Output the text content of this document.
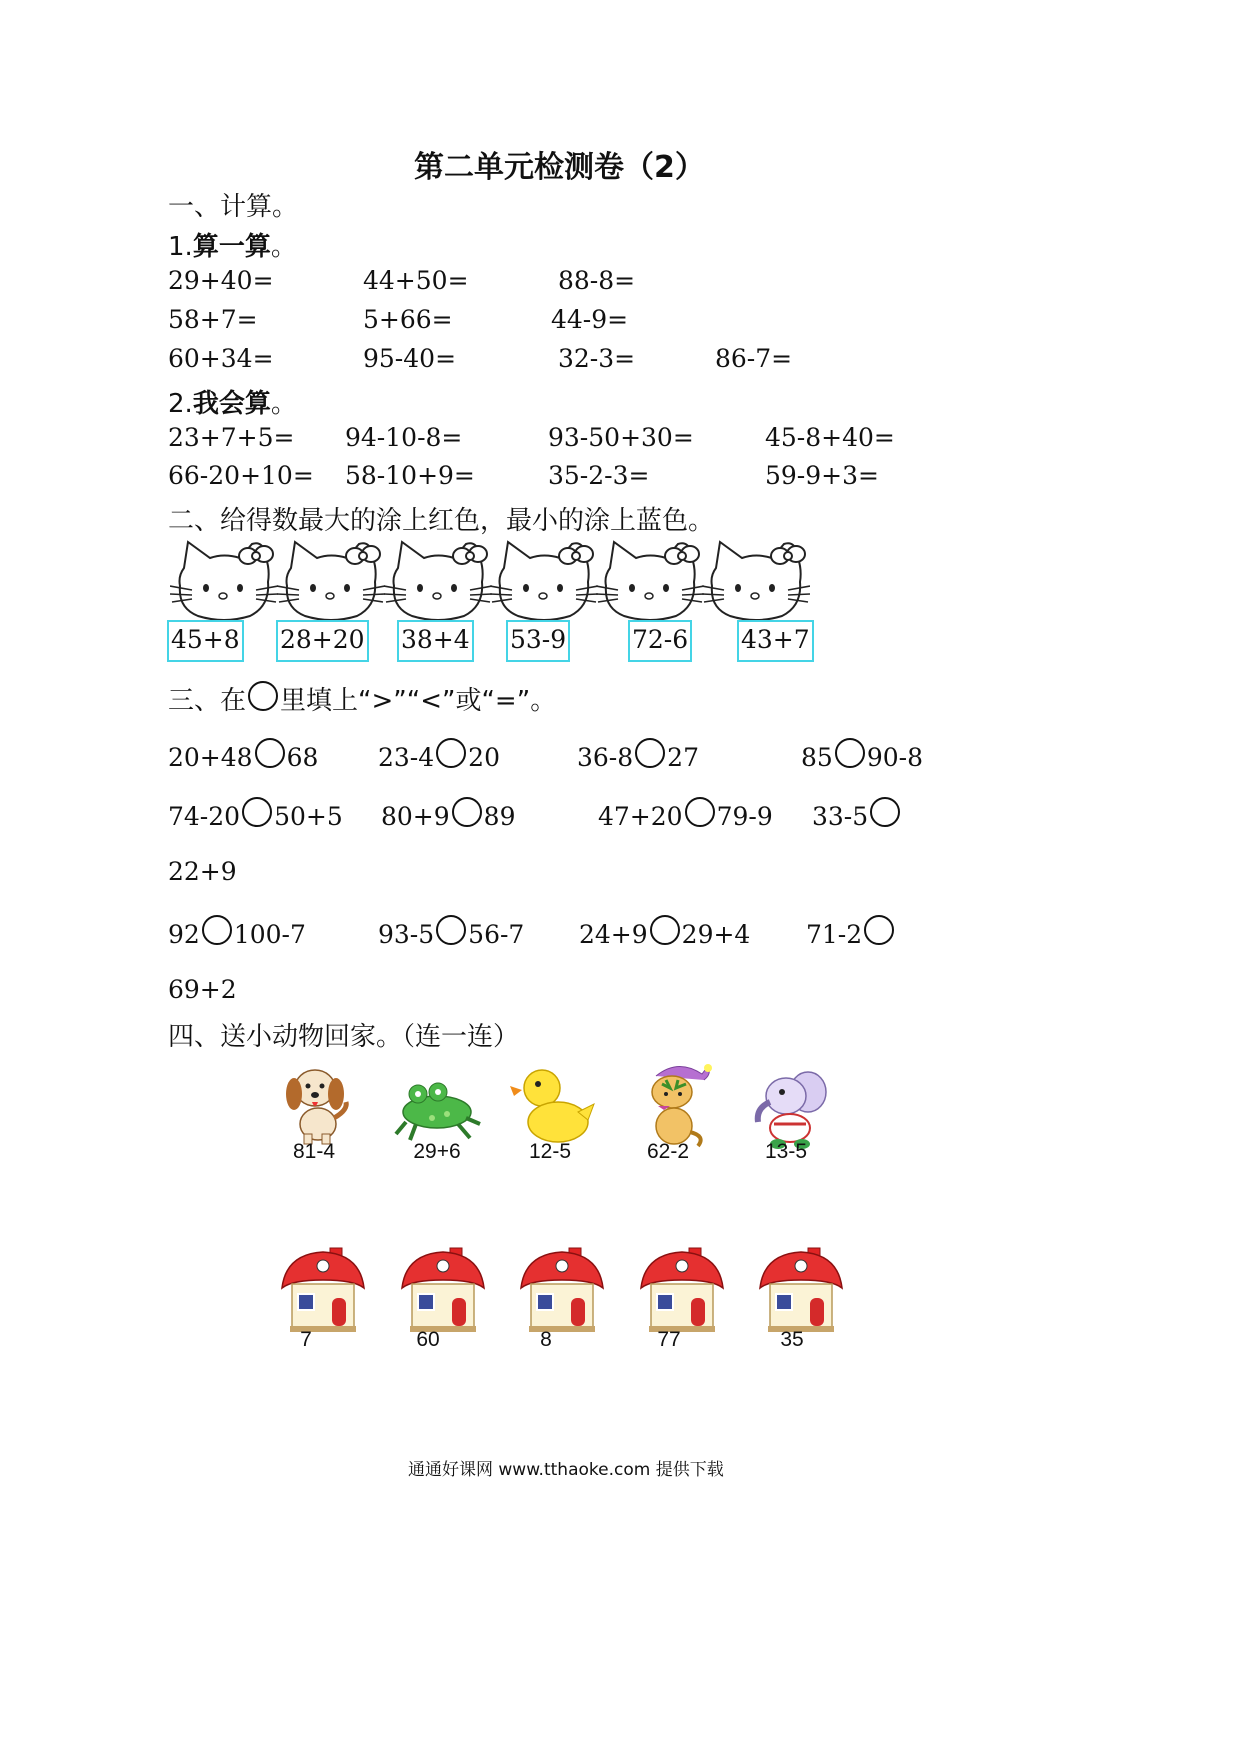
第二单元检测卷（2）
一、计算。
1.算一算。
29+40=	44+50=	88-8=
58+7=	5+66=	44-9=
60+34=	95-40=	32-3=	86-7=
2.我会算。
23+7+5= 94-10-8=	93-50+30=	45-8+40=
66-20+10= 58-10+9=	35-2-3=	59-9+3=
二、给得数最大的涂上红色，最小的涂上蓝色。
45+8 28+20 38+4 53-9	72-6 43+7
三、在 里填上“>”“<”或“=”。
20+48 68 23-4 20	36-8 27	85 90-8
74-20 50+5 80+9 89	47+20 79-9 33-5
22+9
92 100-7	93-5 56-7 24+9 29+4 71-2
69+2
四、送小动物回家。（连一连）
81-4	29+6	12-5	62-2	13-5
7	60	8	77	35
通通好课网 www.tthaoke.com 提供下载
